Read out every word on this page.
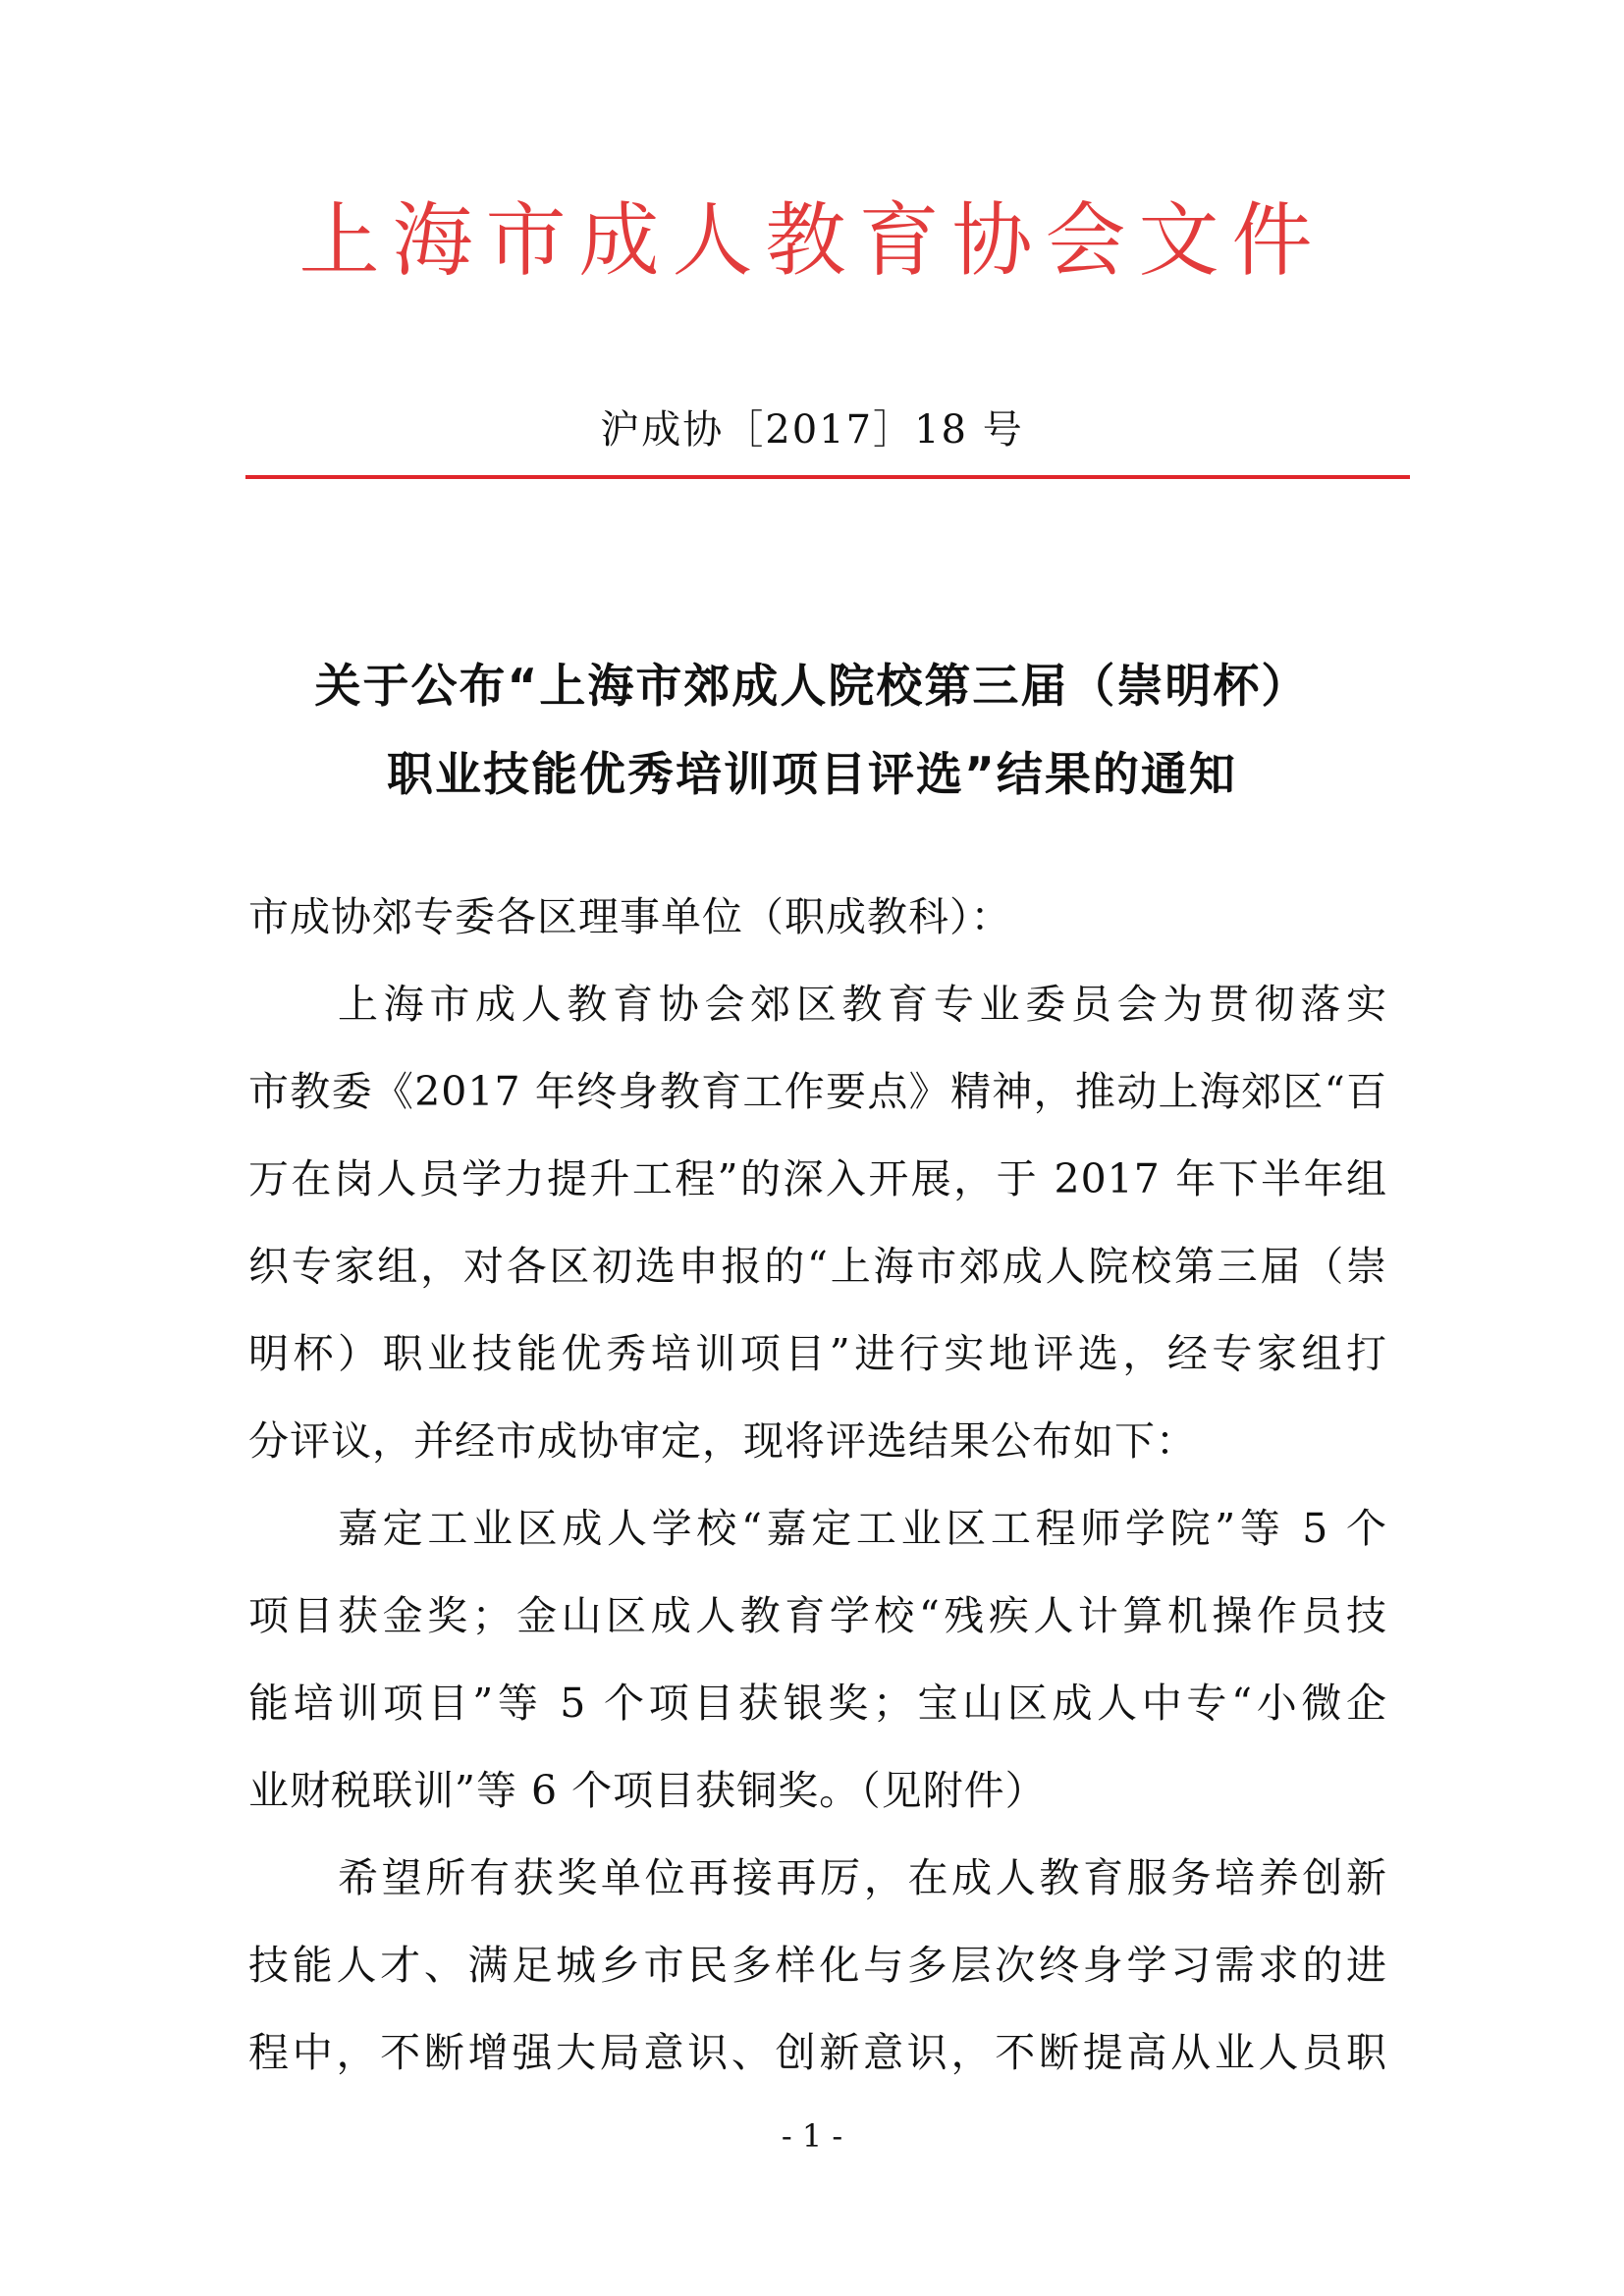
上海市成人教育协会文件
沪成协［2017］18 号
关于公布“上海市郊成人院校第三届（崇明杯）
职业技能优秀培训项目评选”结果的通知
市成协郊专委各区理事单位（职成教科）：
上海市成人教育协会郊区教育专业委员会为贯彻落实
市教委《2017 年终身教育工作要点》精神，推动上海郊区“百
万在岗人员学力提升工程”的深入开展，于 2017 年下半年组
织专家组，对各区初选申报的“上海市郊成人院校第三届（崇
明杯）职业技能优秀培训项目”进行实地评选，经专家组打
分评议，并经市成协审定，现将评选结果公布如下：
嘉定工业区成人学校“嘉定工业区工程师学院”等 5 个
项目获金奖；金山区成人教育学校“残疾人计算机操作员技
能培训项目”等 5 个项目获银奖；宝山区成人中专“小微企
业财税联训”等 6 个项目获铜奖。（见附件）
希望所有获奖单位再接再厉，在成人教育服务培养创新
技能人才、满足城乡市民多样化与多层次终身学习需求的进
程中，不断增强大局意识、创新意识，不断提高从业人员职
- 1 -
